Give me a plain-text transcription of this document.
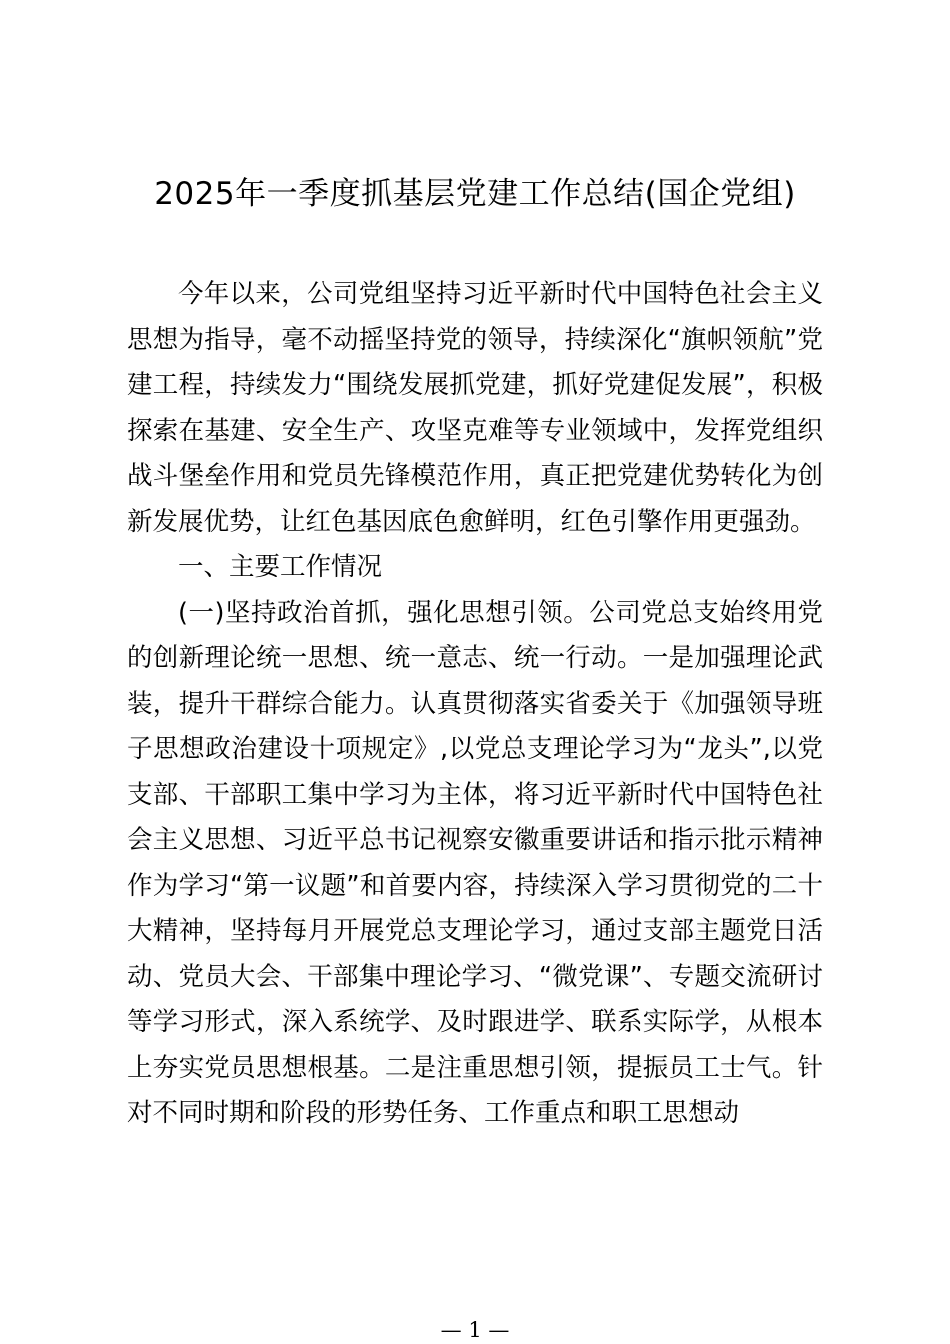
2025年一季度抓基层党建工作总结(国企党组)

今年以来，公司党组坚持习近平新时代中国特色社会主义思想为指导，毫不动摇坚持党的领导，持续深化“旗帜领航”党建工程，持续发力“围绕发展抓党建，抓好党建促发展”，积极探索在基建、安全生产、攻坚克难等专业领域中，发挥党组织战斗堡垒作用和党员先锋模范作用，真正把党建优势转化为创新发展优势，让红色基因底色愈鲜明，红色引擎作用更强劲。

一、主要工作情况

(一)坚持政治首抓，强化思想引领。公司党总支始终用党的创新理论统一思想、统一意志、统一行动。一是加强理论武装，提升干群综合能力。认真贯彻落实省委关于《加强领导班子思想政治建设十项规定》,以党总支理论学习为“龙头”,以党支部、干部职工集中学习为主体，将习近平新时代中国特色社会主义思想、习近平总书记视察安徽重要讲话和指示批示精神作为学习“第一议题”和首要内容，持续深入学习贯彻党的二十大精神，坚持每月开展党总支理论学习，通过支部主题党日活动、党员大会、干部集中理论学习、“微党课”、专题交流研讨等学习形式，深入系统学、及时跟进学、联系实际学，从根本上夯实党员思想根基。二是注重思想引领，提振员工士气。针对不同时期和阶段的形势任务、工作重点和职工思想动

— 1 —
